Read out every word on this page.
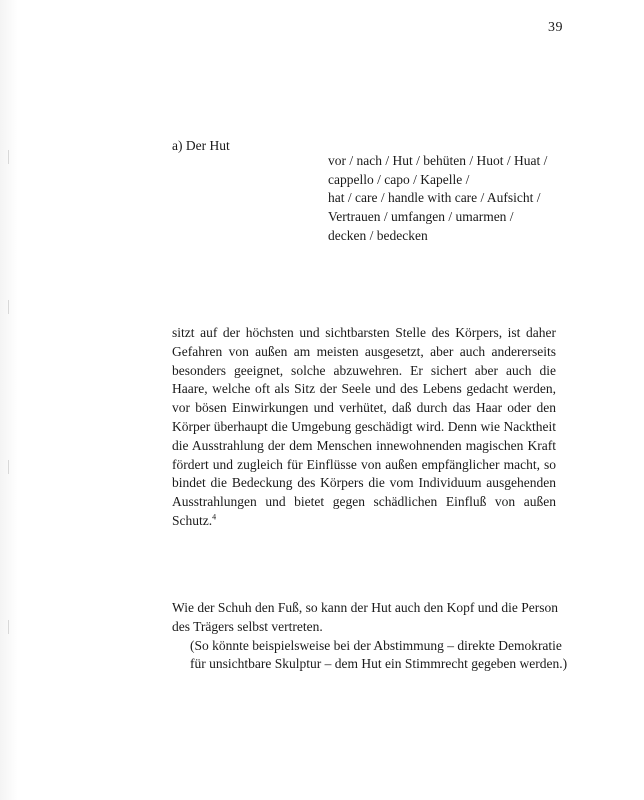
39
a) Der Hut
vor / nach / Hut / behüten / Huot / Huat /
cappello / capo / Kapelle /
hat / care / handle with care / Aufsicht /
Vertrauen / umfangen / umarmen /
decken / bedecken

sitzt auf der höchsten und sichtbarsten Stelle des Körpers, ist daher Gefahren von außen am meisten ausgesetzt, aber auch andererseits besonders geeignet, solche abzuwehren. Er sichert aber auch die Haare, welche oft als Sitz der Seele und des Lebens gedacht werden, vor bösen Einwirkungen und verhütet, daß durch das Haar oder den Körper überhaupt die Umgebung geschädigt wird. Denn wie Nacktheit die Ausstrahlung der dem Menschen innewohnenden magischen Kraft fördert und zugleich für Einflüsse von außen empfänglicher macht, so bindet die Bedeckung des Körpers die vom Individuum ausgehenden Ausstrahlungen und bietet gegen schädlichen Einfluß von außen Schutz.$^4$

Wie der Schuh den Fuß, so kann der Hut auch den Kopf und die Person des Trägers selbst vertreten.

(So könnte beispielsweise bei der Abstimmung – direkte Demokratie für unsichtbare Skulptur – dem Hut ein Stimmrecht gegeben werden.)
